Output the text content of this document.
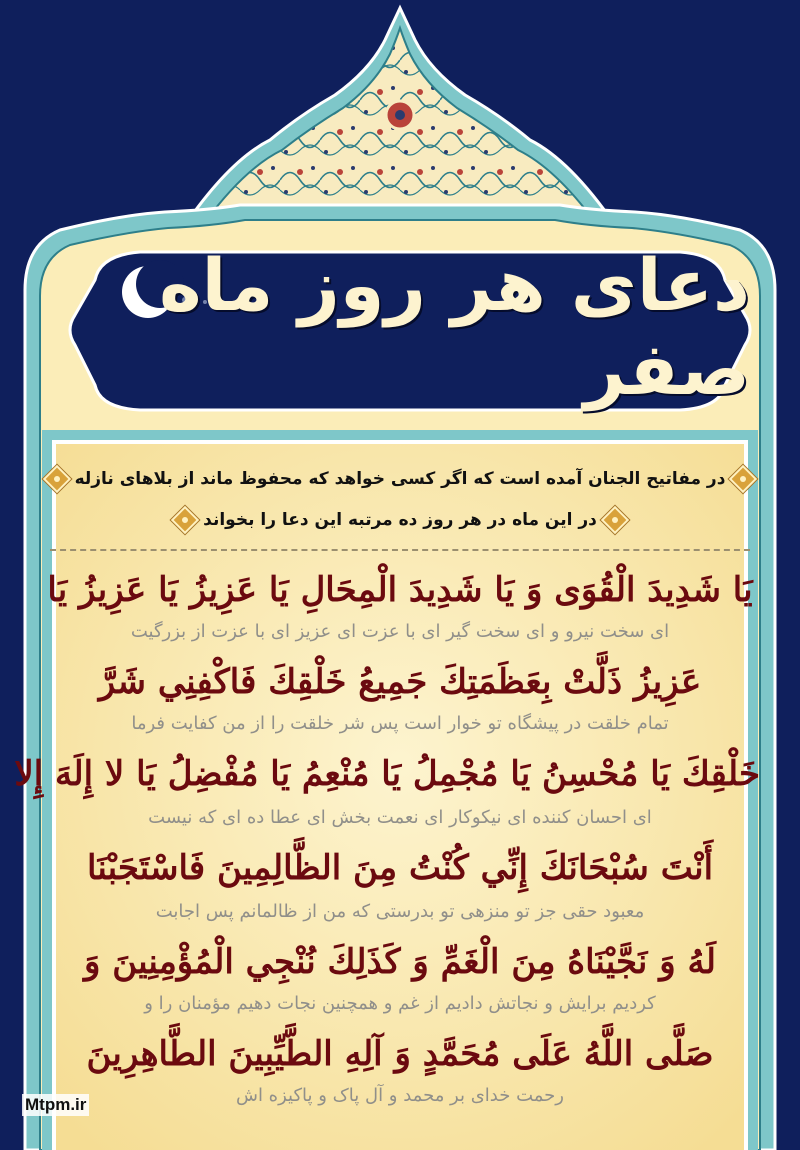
دعای هر روز ماه صفر
در مفاتیح الجنان آمده است که اگر کسی خواهد که محفوظ ماند از بلاهای نازله
در این ماه در هر روز ده مرتبه این دعا را بخواند
يَا شَدِيدَ الْقُوَى وَ يَا شَدِيدَ الْمِحَالِ يَا عَزِيزُ يَا عَزِيزُ يَا
ای سخت نیرو و ای سخت گیر ای با عزت ای عزیز ای با عزت از بزرگیت
عَزِيزُ ذَلَّتْ بِعَظَمَتِكَ جَمِيعُ خَلْقِكَ فَاكْفِنِي شَرَّ
تمام خلقت در پیشگاه تو خوار است پس شر خلقت را از من کفایت فرما
خَلْقِكَ يَا مُحْسِنُ يَا مُجْمِلُ يَا مُنْعِمُ يَا مُفْضِلُ يَا لا إِلَهَ إِلا
ای احسان کننده ای نیکوکار ای نعمت بخش ای عطا ده ای که نیست
أَنْتَ سُبْحَانَكَ إِنِّي كُنْتُ مِنَ الظَّالِمِينَ فَاسْتَجَبْنَا
معبود حقی جز تو منزهی تو بدرستی که من از ظالمانم پس اجابت
لَهُ وَ نَجَّيْنَاهُ مِنَ الْغَمِّ وَ كَذَلِكَ نُنْجِي الْمُؤْمِنِينَ وَ
کردیم برایش و نجاتش دادیم از غم و همچنین نجات دهیم مؤمنان را و
صَلَّى اللَّهُ عَلَى مُحَمَّدٍ وَ آلِهِ الطَّيِّبِينَ الطَّاهِرِينَ
رحمت خدای بر محمد و آل پاک و پاکیزه اش
Mtpm.ir
